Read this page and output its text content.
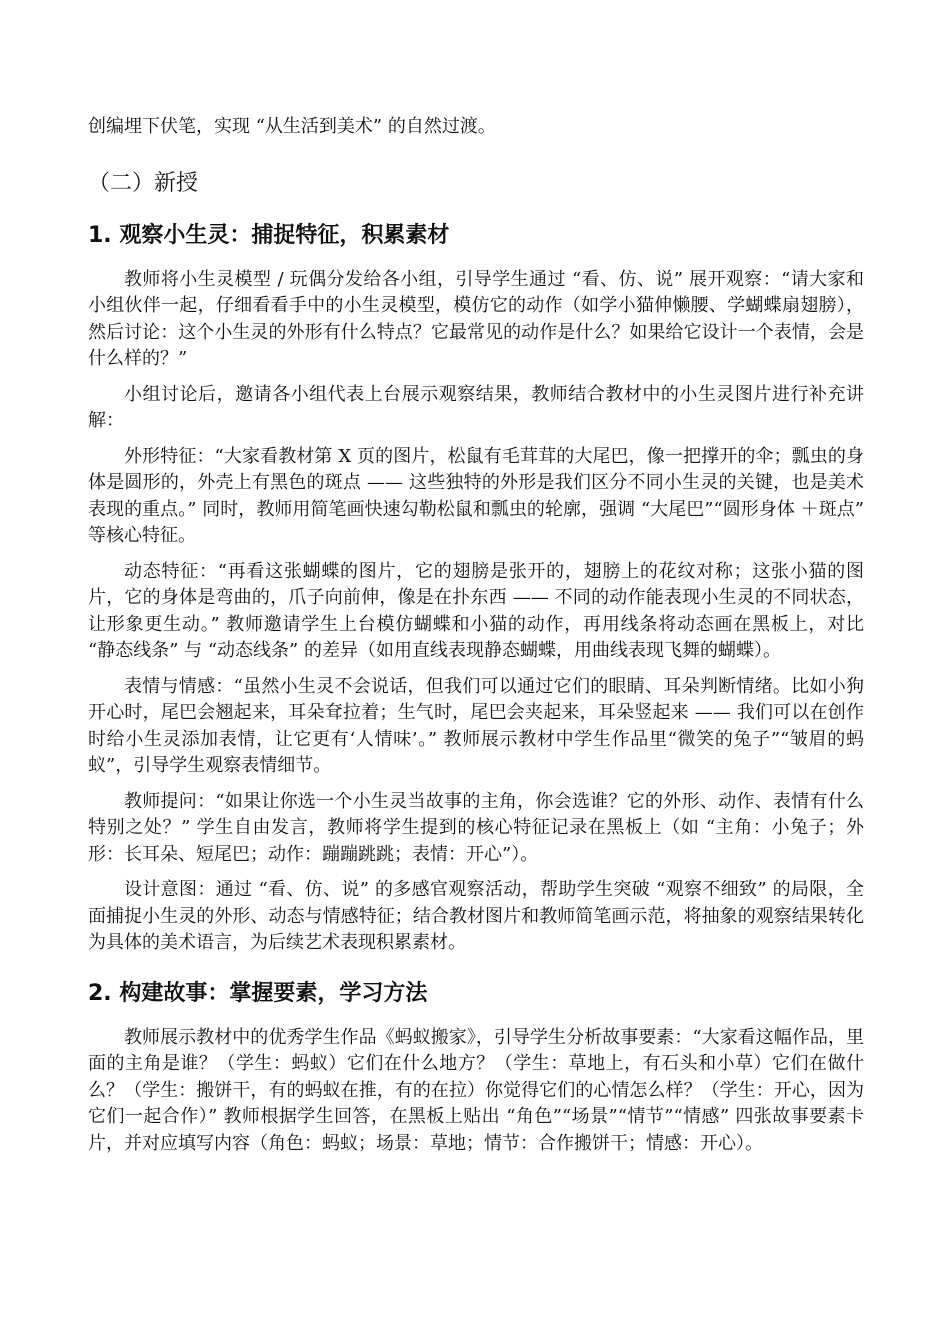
创编埋下伏笔，实现 “从生活到美术” 的自然过渡。

（二）新授
1. 观察小生灵：捕捉特征，积累素材

教师将小生灵模型 / 玩偶分发给各小组，引导学生通过 “看、仿、说” 展开观察：“请大家和小组伙伴一起，仔细看看手中的小生灵模型，模仿它的动作（如学小猫伸懒腰、学蝴蝶扇翅膀），然后讨论：这个小生灵的外形有什么特点？它最常见的动作是什么？如果给它设计一个表情，会是什么样的？”

小组讨论后，邀请各小组代表上台展示观察结果，教师结合教材中的小生灵图片进行补充讲解：

外形特征：“大家看教材第 X 页的图片，松鼠有毛茸茸的大尾巴，像一把撑开的伞；瓢虫的身体是圆形的，外壳上有黑色的斑点 —— 这些独特的外形是我们区分不同小生灵的关键，也是美术表现的重点。” 同时，教师用简笔画快速勾勒松鼠和瓢虫的轮廓，强调 “大尾巴”“圆形身体 ＋斑点” 等核心特征。

动态特征：“再看这张蝴蝶的图片，它的翅膀是张开的，翅膀上的花纹对称；这张小猫的图片，它的身体是弯曲的，爪子向前伸，像是在扑东西 —— 不同的动作能表现小生灵的不同状态，让形象更生动。” 教师邀请学生上台模仿蝴蝶和小猫的动作，再用线条将动态画在黑板上，对比 “静态线条” 与 “动态线条” 的差异（如用直线表现静态蝴蝶，用曲线表现飞舞的蝴蝶）。

表情与情感：“虽然小生灵不会说话，但我们可以通过它们的眼睛、耳朵判断情绪。比如小狗开心时，尾巴会翘起来，耳朵耷拉着；生气时，尾巴会夹起来，耳朵竖起来 —— 我们可以在创作时给小生灵添加表情，让它更有‘人情味’。” 教师展示教材中学生作品里“微笑的兔子”“皱眉的蚂蚁”，引导学生观察表情细节。

教师提问：“如果让你选一个小生灵当故事的主角，你会选谁？它的外形、动作、表情有什么特别之处？” 学生自由发言，教师将学生提到的核心特征记录在黑板上（如 “主角：小兔子；外形：长耳朵、短尾巴；动作：蹦蹦跳跳；表情：开心”）。

设计意图：通过 “看、仿、说” 的多感官观察活动，帮助学生突破 “观察不细致” 的局限，全面捕捉小生灵的外形、动态与情感特征；结合教材图片和教师简笔画示范，将抽象的观察结果转化为具体的美术语言，为后续艺术表现积累素材。

2. 构建故事：掌握要素，学习方法

教师展示教材中的优秀学生作品《蚂蚁搬家》，引导学生分析故事要素：“大家看这幅作品，里面的主角是谁？（学生：蚂蚁）它们在什么地方？（学生：草地上，有石头和小草）它们在做什么？（学生：搬饼干，有的蚂蚁在推，有的在拉）你觉得它们的心情怎么样？（学生：开心，因为它们一起合作）” 教师根据学生回答，在黑板上贴出 “角色”“场景”“情节”“情感” 四张故事要素卡片，并对应填写内容（角色：蚂蚁；场景：草地；情节：合作搬饼干；情感：开心）。
